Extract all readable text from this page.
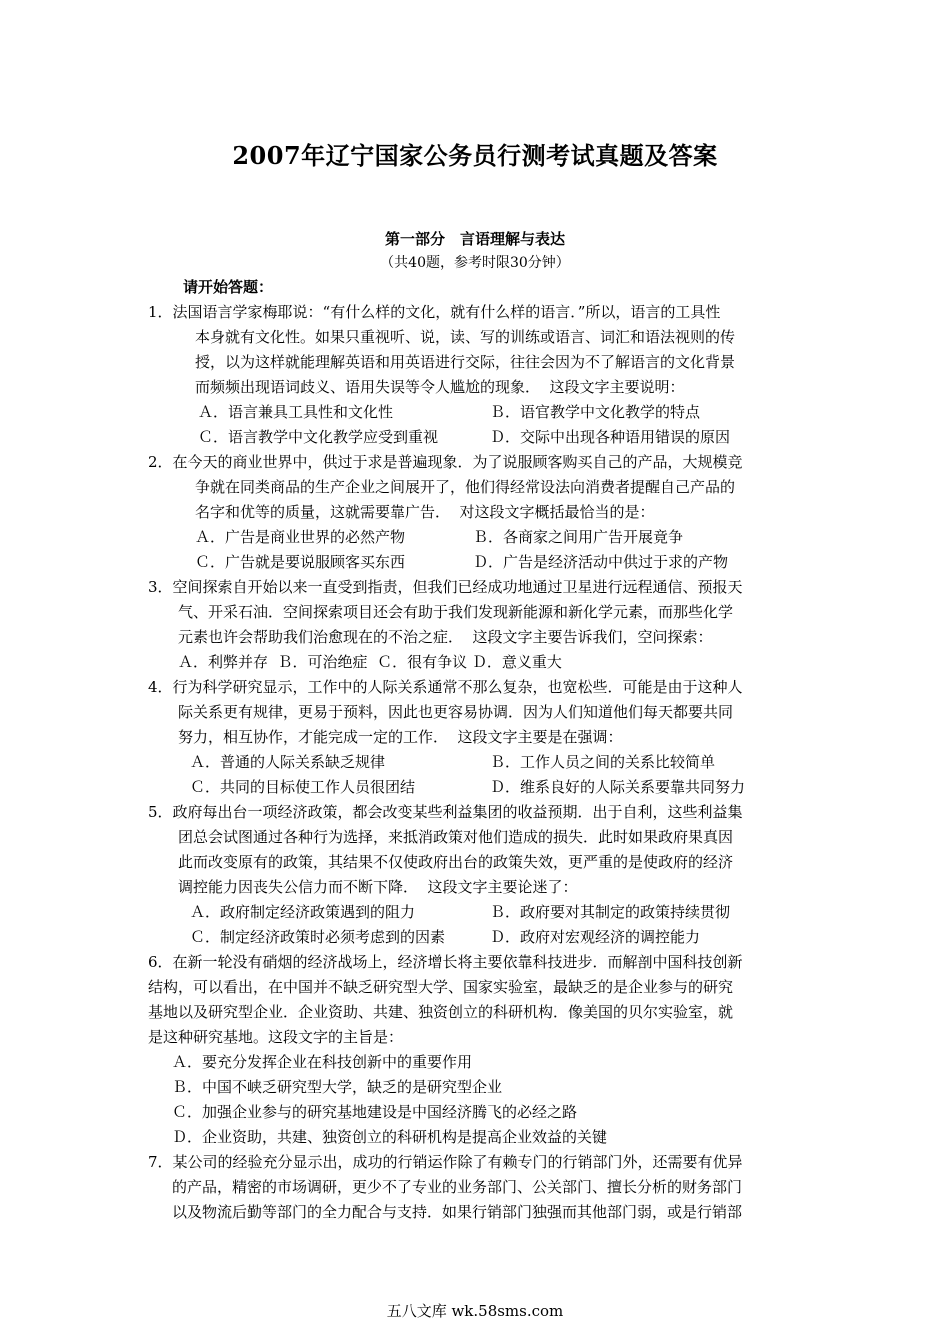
2007年辽宁国家公务员行测考试真题及答案
第一部分　言语理解与表达
（共40题，参考时限30分钟）
请开始答题：
1．法国语言学家梅耶说：“有什么样的文化，就有什么样的语言．”所以，语言的工具性
本身就有文化性。如果只重视听、说，读、写的训练或语言、词汇和语法视则的传
授，以为这样就能理解英语和用英语进行交际，往往会因为不了解语言的文化背景
而频频出现语词歧义、语用失误等令人尴尬的现象．  这段文字主要说明：
Ａ．语言兼具工具性和文化性	Ｂ．语官教学中文化教学的特点
Ｃ．语言教学中文化教学应受到重视	Ｄ．交际中出现各种语用错误的原因
2．在今天的商业世界中，供过于求是普遍现象．为了说服顾客购买自己的产品，大规模竞
争就在同类商品的生产企业之间展开了，他们得经常设法向消费者提醒自己产品的
名字和优等的质量，这就需要靠广告．  对这段文字概括最恰当的是：
Ａ．广告是商业世界的必然产物	Ｂ．各商家之间用广告开展竟争
Ｃ．广告就是要说服顾客买东西	Ｄ．广告是经济活动中供过于求的产物
3．空间探索自开始以来一直受到指责，但我们已经成功地通过卫星进行远程通信、预报天
气、开采石油．空间探索项目还会有助于我们发现新能源和新化学元素，而那些化学
元素也许会帮助我们治愈现在的不治之症．  这段文字主要告诉我们，空问探索：
Ａ．利弊并存  Ｂ．可治绝症  Ｃ．很有争议 Ｄ．意义重大
4．行为科学研究显示，工作中的人际关系通常不那么复杂，也宽松些．可能是由于这种人
际关系更有规律，更易于预料，因此也更容易协调．因为人们知道他们每天都要共同
努力，相互协作，才能完成一定的工作．  这段文字主要是在强调：
Ａ．普通的人际关系缺乏规律	Ｂ．工作人员之间的关系比较简单
Ｃ．共同的目标使工作人员很团结	Ｄ．维系良好的人际关系要靠共同努力
5．政府每出台一项经济政策，都会改变某些利益集团的收益预期．出于自利，这些利益集
团总会试图通过各种行为选择，来抵消政策对他们造成的损失．此时如果政府果真因
此而改变原有的政策，其结果不仅使政府出台的政策失效，更严重的是使政府的经济
调控能力因丧失公信力而不断下降．  这段文字主要论迷了：
Ａ．政府制定经济政策遇到的阻力	Ｂ．政府要对其制定的政策持续贯彻
Ｃ．制定经济政策时必须考虑到的因素	Ｄ．政府对宏观经济的调控能力
6．在新一轮没有硝烟的经济战场上，经济增长将主要依靠科技进步．而解剖中国科技创新
结构，可以看出，在中国并不缺乏研究型大学、国家实验室，最缺乏的是企业参与的研究
基地以及研究型企业．企业资助、共建、独资创立的科研机构．像美国的贝尔实验室，就
是这种研究基地。这段文字的主旨是：
Ａ．要充分发挥企业在科技创新中的重要作用
Ｂ．中国不峡乏研究型大学，缺乏的是研究型企业
Ｃ．加强企业参与的研究基地建设是中国经济腾飞的必经之路
Ｄ．企业资助，共建、独资创立的科研机构是提高企业效益的关键
7．某公司的经验充分显示出，成功的行销运作除了有赖专门的行销部门外，还需要有优异
的产品，精密的市场调研，更少不了专业的业务部门、公关部门、擅长分析的财务部门
以及物流后勤等部门的全力配合与支持．如果行销部门独强而其他部门弱，或是行销部
五八文库 wk.58sms.com
